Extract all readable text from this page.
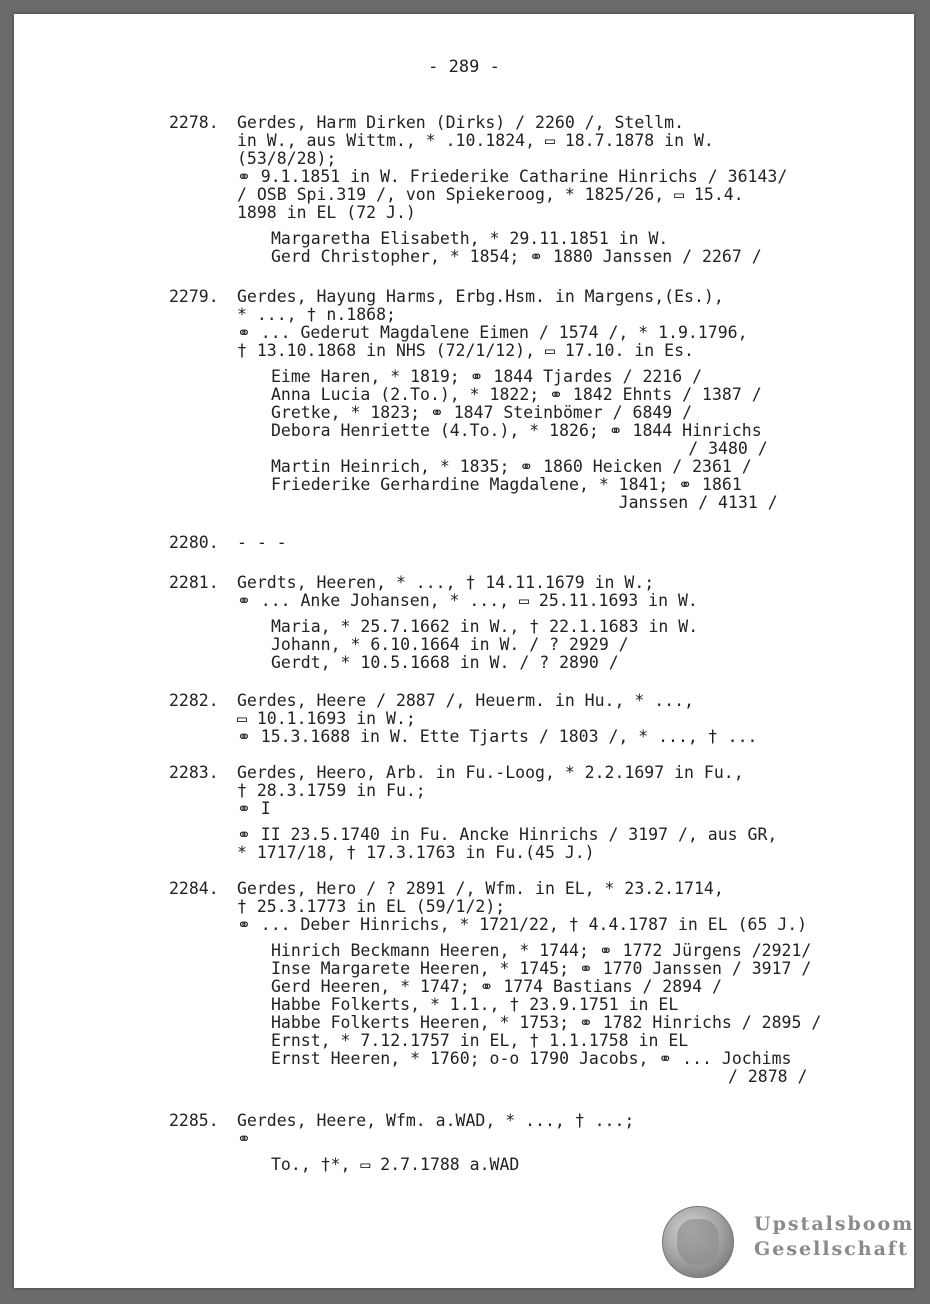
- 289 -
2278. Gerdes, Harm Dirken (Dirks) / 2260 /, Stellm.
in W., aus Wittm., * .10.1824, ▭ 18.7.1878 in W.
(53/8/28);
⚭ 9.1.1851 in W. Friederike Catharine Hinrichs / 36143/
/ OSB Spi.319 /, von Spiekeroog, * 1825/26, ▭ 15.4.
1898 in EL (72 J.)
Margaretha Elisabeth, * 29.11.1851 in W.
Gerd Christopher, * 1854; ⚭ 1880 Janssen / 2267 /
2279. Gerdes, Hayung Harms, Erbg.Hsm. in Margens,(Es.),
* ..., † n.1868;
⚭ ... Gederut Magdalene Eimen / 1574 /, * 1.9.1796,
† 13.10.1868 in NHS (72/1/12), ▭ 17.10. in Es.
Eime Haren, * 1819; ⚭ 1844 Tjardes / 2216 /
Anna Lucia (2.To.), * 1822; ⚭ 1842 Ehnts / 1387 /
Gretke, * 1823; ⚭ 1847 Steinbömer / 6849 /
Debora Henriette (4.To.), * 1826; ⚭ 1844 Hinrichs
/ 3480 /
Martin Heinrich, * 1835; ⚭ 1860 Heicken / 2361 /
Friederike Gerhardine Magdalene, * 1841; ⚭ 1861
Janssen / 4131 /
2280. - - -
2281. Gerdts, Heeren, * ..., † 14.11.1679 in W.;
⚭ ... Anke Johansen, * ..., ▭ 25.11.1693 in W.
Maria, * 25.7.1662 in W., † 22.1.1683 in W.
Johann, * 6.10.1664 in W. / ? 2929 /
Gerdt, * 10.5.1668 in W. / ? 2890 /
2282. Gerdes, Heere / 2887 /, Heuerm. in Hu., * ...,
▭ 10.1.1693 in W.;
⚭ 15.3.1688 in W. Ette Tjarts / 1803 /, * ..., † ...
2283. Gerdes, Heero, Arb. in Fu.-Loog, * 2.2.1697 in Fu.,
† 28.3.1759 in Fu.;
⚭ I
⚭ II 23.5.1740 in Fu. Ancke Hinrichs / 3197 /, aus GR,
* 1717/18, † 17.3.1763 in Fu.(45 J.)
2284. Gerdes, Hero / ? 2891 /, Wfm. in EL, * 23.2.1714,
† 25.3.1773 in EL (59/1/2);
⚭ ... Deber Hinrichs, * 1721/22, † 4.4.1787 in EL (65 J.)
Hinrich Beckmann Heeren, * 1744; ⚭ 1772 Jürgens /2921/
Inse Margarete Heeren, * 1745; ⚭ 1770 Janssen / 3917 /
Gerd Heeren, * 1747; ⚭ 1774 Bastians / 2894 /
Habbe Folkerts, * 1.1., † 23.9.1751 in EL
Habbe Folkerts Heeren, * 1753; ⚭ 1782 Hinrichs / 2895 /
Ernst, * 7.12.1757 in EL, † 1.1.1758 in EL
Ernst Heeren, * 1760; o-o 1790 Jacobs, ⚭ ... Jochims
/ 2878 /
2285. Gerdes, Heere, Wfm. a.WAD, * ..., † ...;
⚭
To., †*, ▭ 2.7.1788 a.WAD
Upstalsboom
Gesellschaft
